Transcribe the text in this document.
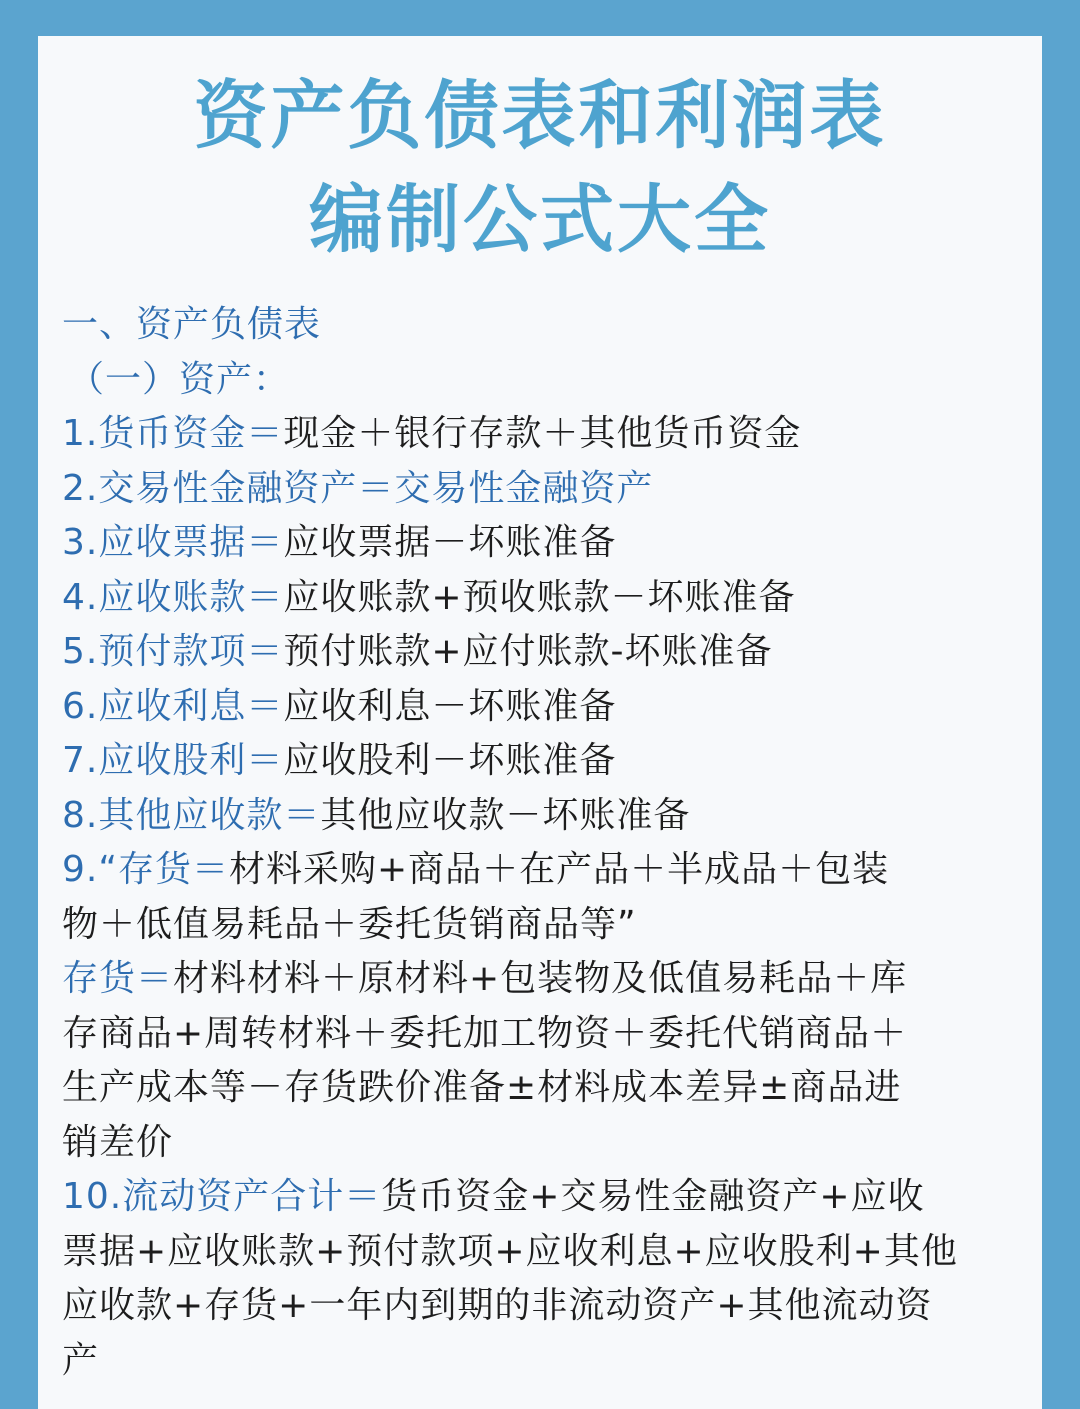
资产负债表和利润表
编制公式大全
一、资产负债表
（一）资产：
1.货币资金＝现金＋银行存款＋其他货币资金
2.交易性金融资产＝交易性金融资产
3.应收票据＝应收票据－坏账准备
4.应收账款＝应收账款+预收账款－坏账准备
5.预付款项＝预付账款+应付账款-坏账准备
6.应收利息＝应收利息－坏账准备
7.应收股利＝应收股利－坏账准备
8.其他应收款＝其他应收款－坏账准备
9.“存货＝材料采购+商品＋在产品＋半成品＋包装
物＋低值易耗品＋委托货销商品等”
存货＝材料材料＋原材料+包装物及低值易耗品＋库
存商品+周转材料＋委托加工物资＋委托代销商品＋
生产成本等－存货跌价准备±材料成本差异±商品进
销差价
10.流动资产合计＝货币资金+交易性金融资产+应收
票据+应收账款+预付款项+应收利息+应收股利+其他
应收款+存货+一年内到期的非流动资产+其他流动资
产
